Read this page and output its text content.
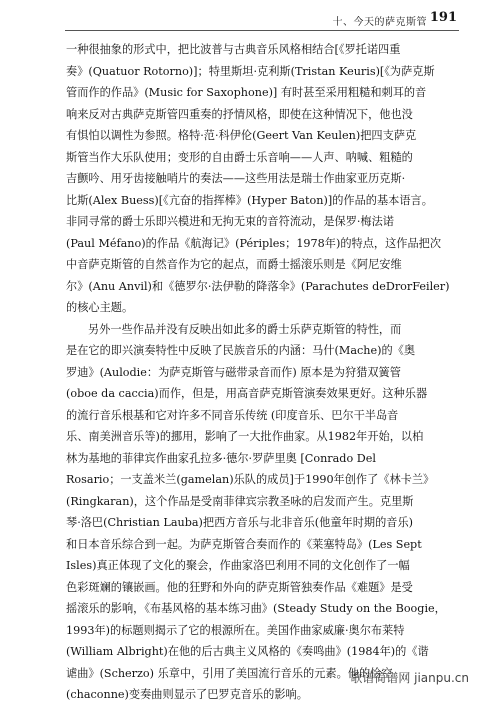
十、今天的萨克斯管 191
一种很抽象的形式中，把比波普与古典音乐风格相结合[《罗托诺四重
奏》(Quatuor Rotorno)]；特里斯坦·克利斯(Tristan Keuris)[《为萨克斯
管而作的作品》(Music for Saxophone)] 有时甚至采用粗糙和刺耳的音
响来反对古典萨克斯管四重奏的抒情风格，即使在这种情况下，他也没
有惧怕以调性为参照。格特·范·科伊伦(Geert Van Keulen)把四支萨克
斯管当作大乐队使用；变形的自由爵士乐音响——人声、呐喊、粗糙的
吉颤吟、用牙齿接触哨片的奏法——这些用法是瑞士作曲家亚历克斯·
比斯(Alex Buess)[《亢奋的指挥棒》(Hyper Baton)]的作品的基本语言。
非同寻常的爵士乐即兴模进和无拘无束的音符流动，是保罗·梅法诺
(Paul Méfano)的作品《航海记》(Périples；1978年)的特点，这作品把次
中音萨克斯管的自然音作为它的起点，而爵士摇滚乐则是《阿尼安维
尔》(Anu Anvil)和《德罗尔·法伊勒的降落伞》(Parachutes deDrorFeiler)
的核心主题。
另外一些作品并没有反映出如此多的爵士乐萨克斯管的特性，而
是在它的即兴演奏特性中反映了民族音乐的内涵：马什(Mache)的《奥
罗迪》(Aulodie：为萨克斯管与磁带录音而作) 原本是为狩猎双簧管
(oboe da caccia)而作，但是，用高音萨克斯管演奏效果更好。这种乐器
的流行音乐根基和它对许多不同音乐传统 (印度音乐、巴尔干半岛音
乐、南美洲音乐等)的挪用，影响了一大批作曲家。从1982年开始，以柏
林为基地的菲律宾作曲家孔拉多·德尔·罗萨里奥 [Conrado Del
Rosario；一支盖米兰(gamelan)乐队的成员]于1990年创作了《林卡兰》
(Ringkaran)，这个作品是受南菲律宾宗教圣咏的启发而产生。克里斯
琴·洛巴(Christian Lauba)把西方音乐与北非音乐(他童年时期的音乐)
和日本音乐综合到一起。为萨克斯管合奏而作的《莱塞特岛》(Les Sept
Isles)真正体现了文化的聚会，作曲家洛巴利用不同的文化创作了一幅
色彩斑斓的镶嵌画。他的狂野和外向的萨克斯管独奏作品《难题》是受
摇滚乐的影响，《布基风格的基本练习曲》(Steady Study on the Boogie，
1993年)的标题则揭示了它的根源所在。美国作曲家威廉·奥尔布莱特
(William Albright)在他的后古典主义风格的《奏鸣曲》(1984年)的《谐
谑曲》(Scherzo) 乐章中，引用了美国流行音乐的元素。他的恰空
(chaconne)变奏曲则显示了巴罗克音乐的影响。
歌谱简谱网 jianpu.cn
